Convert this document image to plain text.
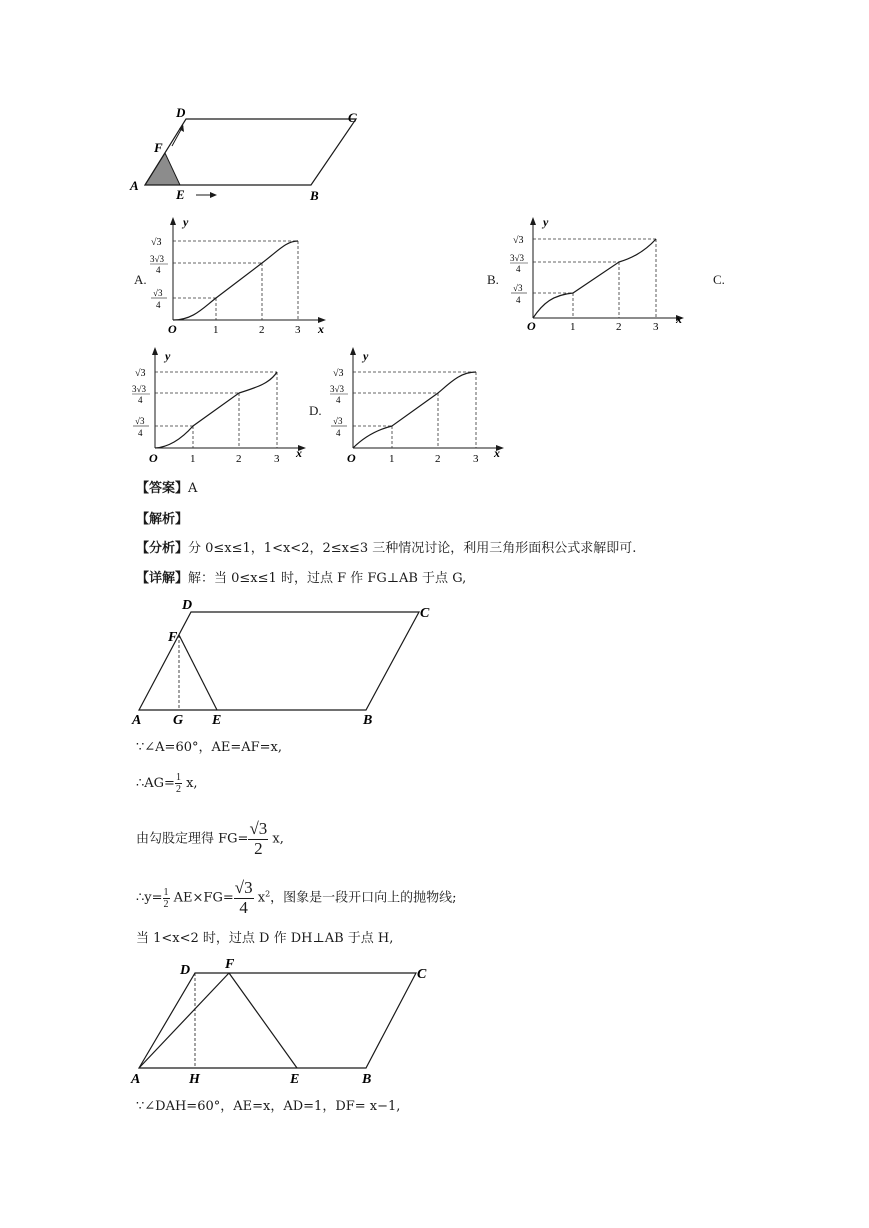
A
D	C
B
F
E
A.	B.	C.
D.
y
x
O	1	2	3
√3
3√3
4
√3
4
y
x
O	1	2	3
√3
3√3
4
√3
4
y
x
O	1	2	3
√3
3√3
4
√3
4
y
x
O	1	2	3
√3
3√3
4
√3
4
【答案】A
【解析】
【分析】分 0≤x≤1，1<x<2，2≤x≤3 三种情况讨论，利用三角形面积公式求解即可.
【详解】解：当 0≤x≤1 时，过点 F 作 FG⊥AB 于点 G,
A G E	B
D
C
F
∵∠A=60°，AE=AF=x,
∴AG= $\frac{1}{2} x$,
由勾股定理得 $FG= \frac{√3}{2} x$,
∴y= $\frac{1}{2} AE\times FG= \frac{√3}{4} x^2$，图象是一段开口向上的抛物线;
当 1<x<2 时，过点 D 作 DH⊥AB 于点 H,
A	H	E	B
D F
C
∵∠DAH=60°，AE=x，AD=1，DF= x−1,
